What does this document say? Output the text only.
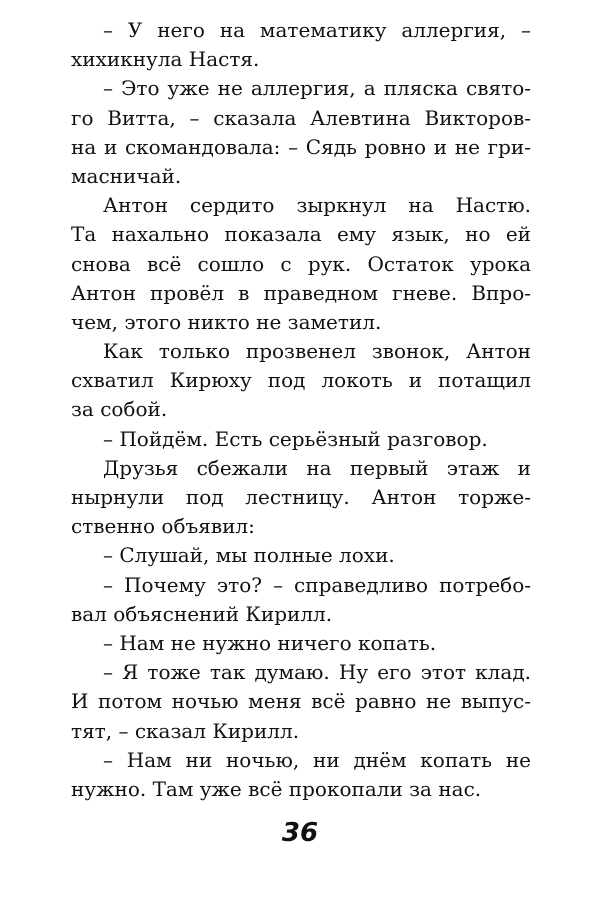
– У него на математику аллергия, –
хихикнула Настя.
– Это уже не аллергия, а пляска свято-
го Витта, – сказала Алевтина Викторов-
на и скомандовала: – Сядь ровно и не гри-
масничай.
Антон сердито зыркнул на Настю.
Та нахально показала ему язык, но ей
снова всё сошло с рук. Остаток урока
Антон провёл в праведном гневе. Впро-
чем, этого никто не заметил.
Как только прозвенел звонок, Антон
схватил Кирюху под локоть и потащил
за собой.
– Пойдём. Есть серьёзный разговор.
Друзья сбежали на первый этаж и
нырнули под лестницу. Антон торже-
ственно объявил:
– Слушай, мы полные лохи.
– Почему это? – справедливо потребо-
вал объяснений Кирилл.
– Нам не нужно ничего копать.
– Я тоже так думаю. Ну его этот клад.
И потом ночью меня всё равно не выпус-
тят, – сказал Кирилл.
– Нам ни ночью, ни днём копать не
нужно. Там уже всё прокопали за нас.
36
